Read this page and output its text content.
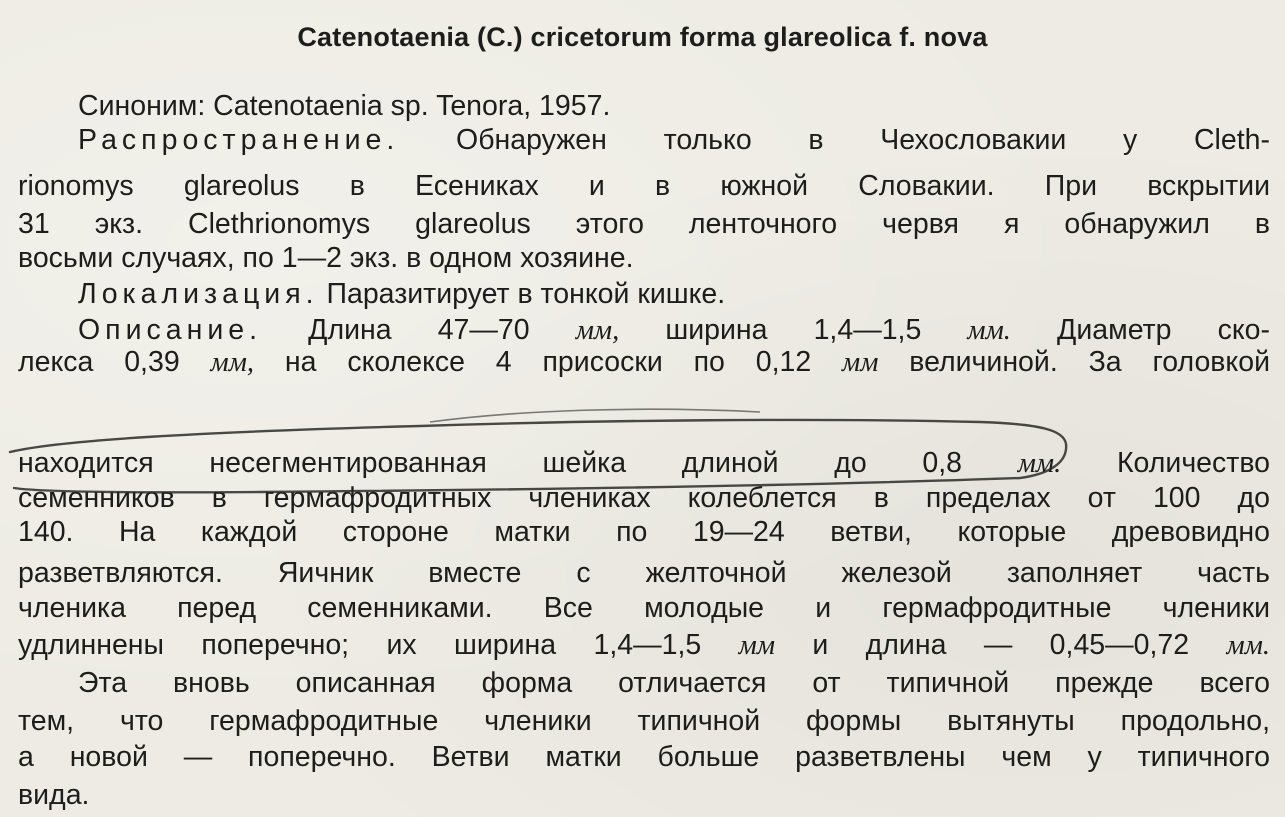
Catenotaenia (C.) cricetorum forma glareolica f. nova
Синоним: Catenotaenia sp. Tenora, 1957.
Распространение. Обнаружен только в Чехословакии у Cleth-
rionomys glareolus в Есениках и в южной Словакии. При вскрытии
31 экз. Clethrionomys glareolus этого ленточного червя я обнаружил в
восьми случаях, по 1—2 экз. в одном хозяине.
Локализация. Паразитирует в тонкой кишке.
Описание. Длина 47—70 мм, ширина 1,4—1,5 мм. Диаметр ско-
лекса 0,39 мм, на сколексе 4 присоски по 0,12 мм величиной. За головкой
находится несегментированная шейка длиной до 0,8 мм. Количество
семенников в гермафродитных члениках колеблется в пределах от 100 до
140. На каждой стороне матки по 19—24 ветви, которые древовидно
разветвляются. Яичник вместе с желточной железой заполняет часть
членика перед семенниками. Все молодые и гермафродитные членики
удлиннены поперечно; их ширина 1,4—1,5 мм и длина — 0,45—0,72 мм.
Эта вновь описанная форма отличается от типичной прежде всего
тем, что гермафродитные членики типичной формы вытянуты продольно,
а новой — поперечно. Ветви матки больше разветвлены чем у типичного
вида.
